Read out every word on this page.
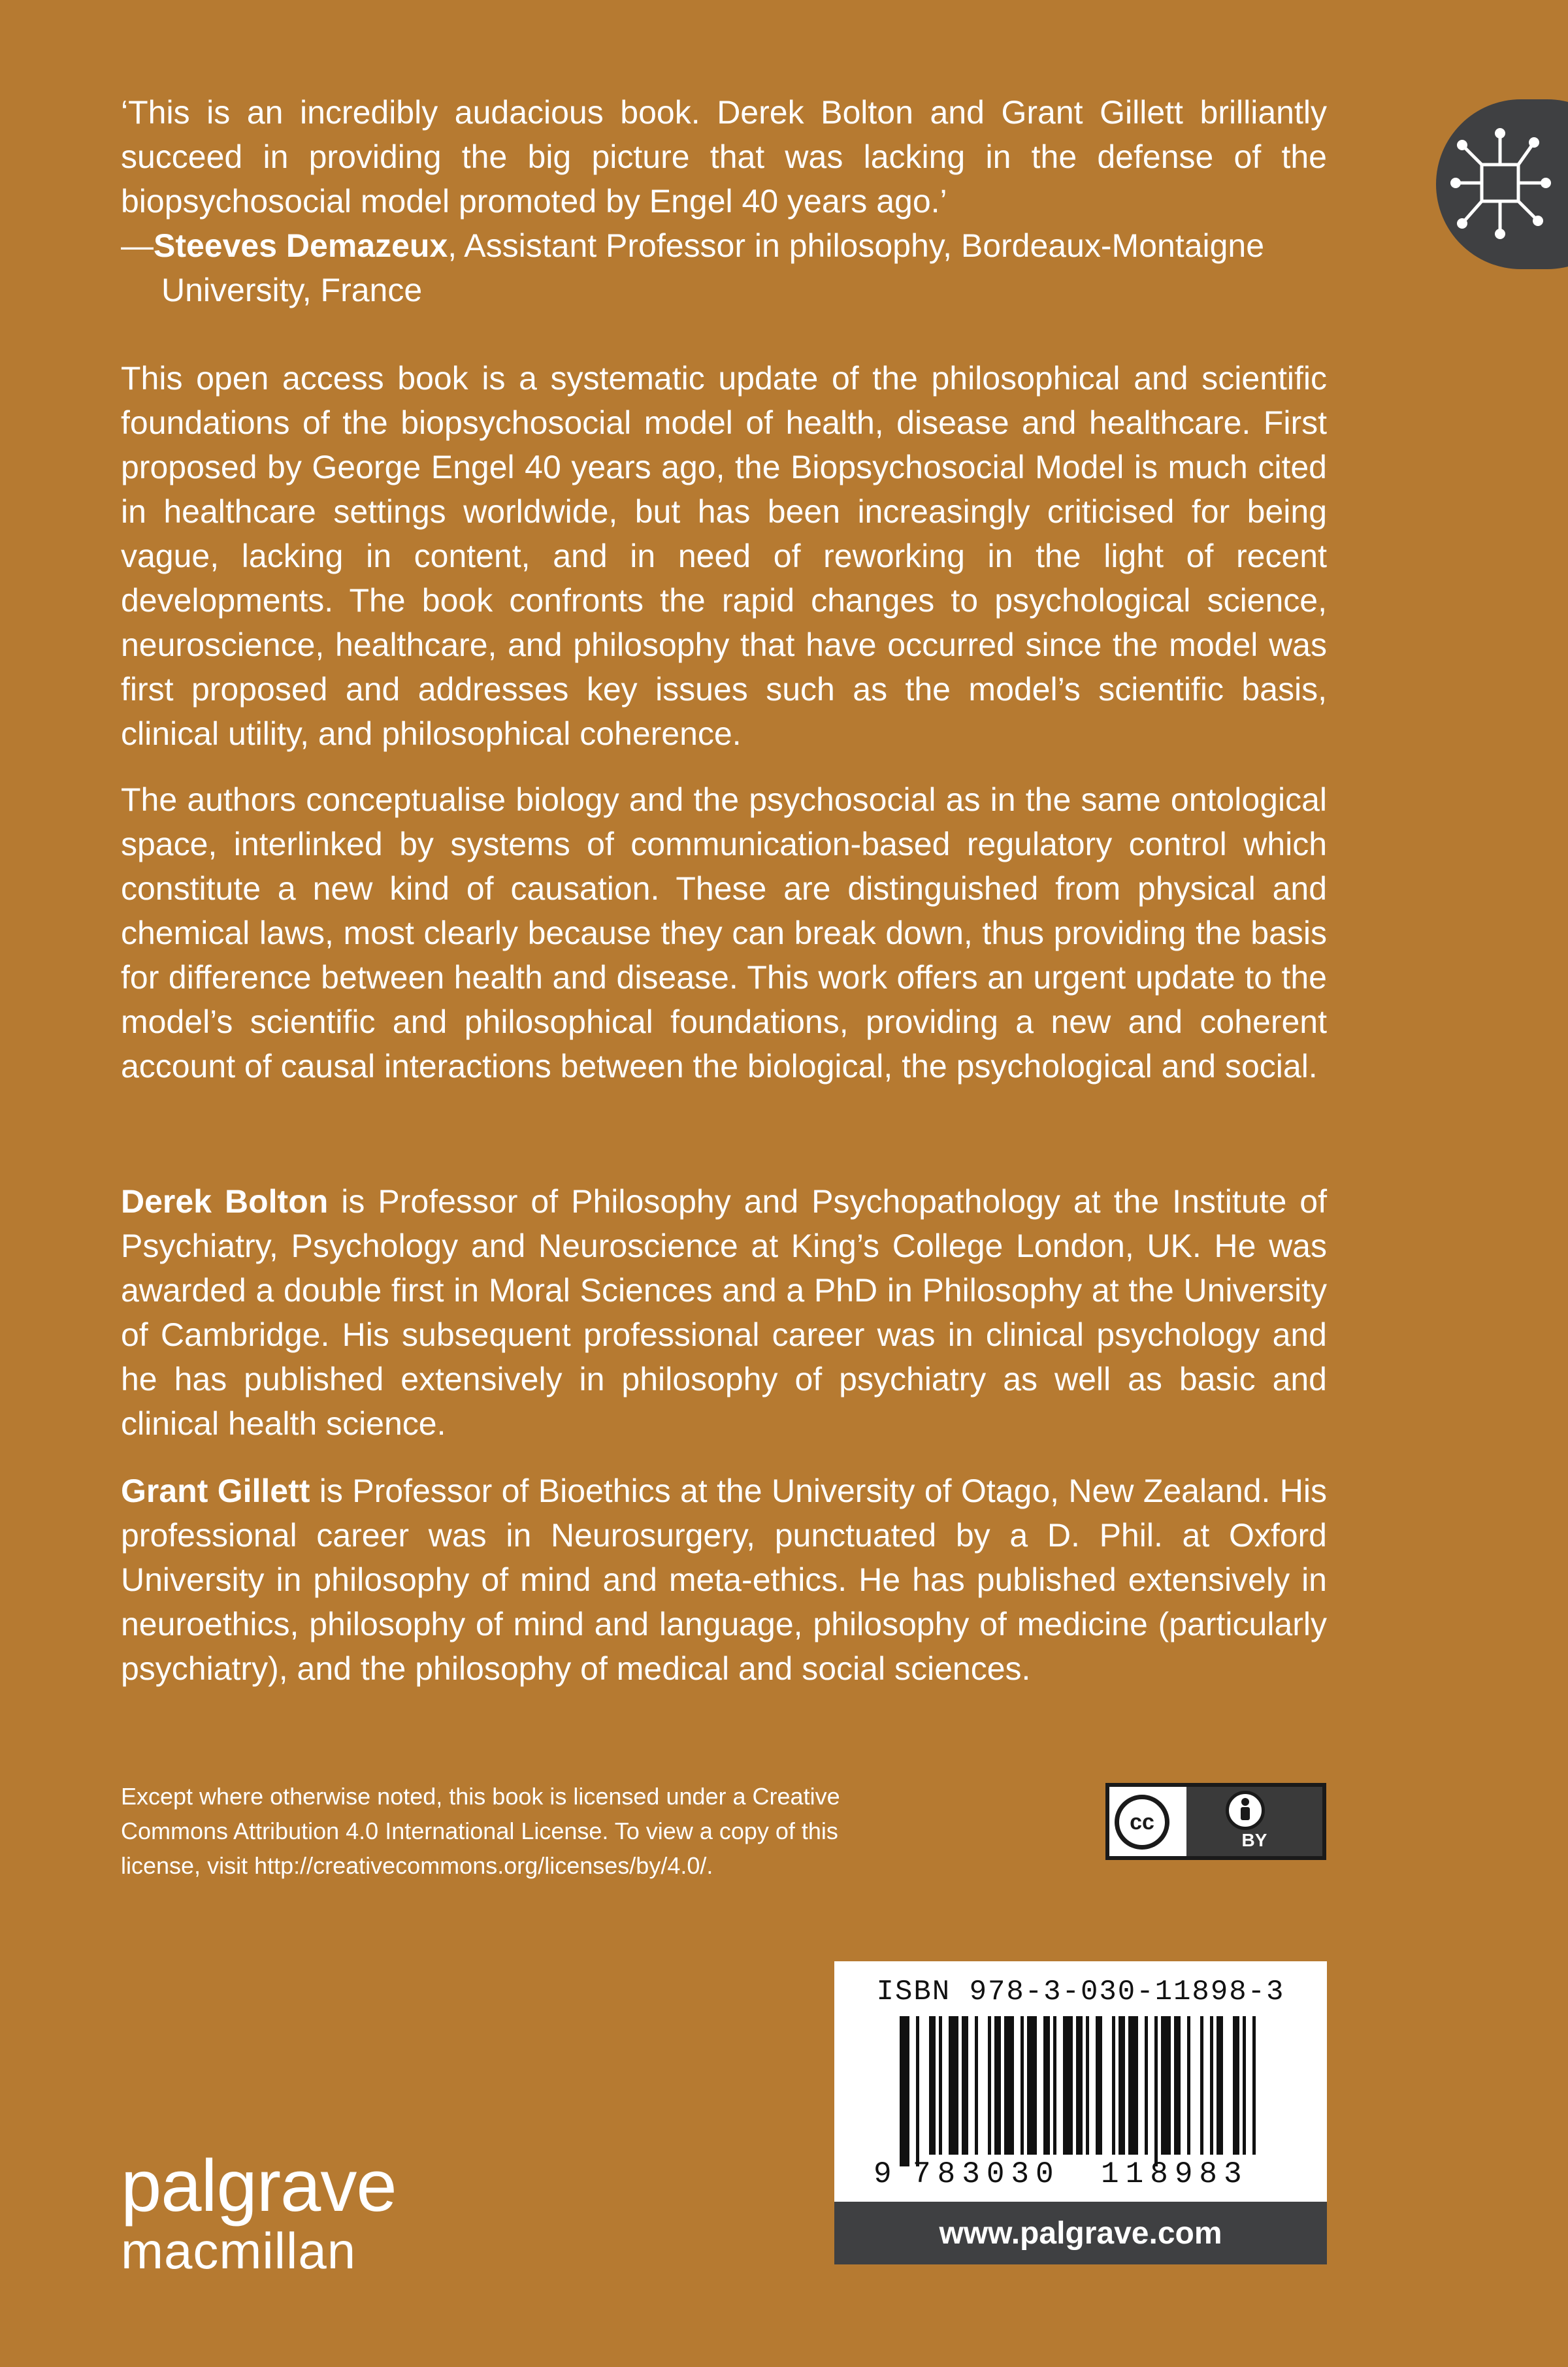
‘This is an incredibly audacious book. Derek Bolton and Grant Gillett brilliantly succeed in providing the big picture that was lacking in the defense of the biopsychosocial model promoted by Engel 40 years ago.’

—Steeves Demazeux, Assistant Professor in philosophy, Bordeaux-Montaigne University, France

This open access book is a systematic update of the philosophical and scientific foundations of the biopsychosocial model of health, disease and healthcare. First proposed by George Engel 40 years ago, the Biopsychosocial Model is much cited in healthcare settings worldwide, but has been increasingly criticised for being vague, lacking in content, and in need of reworking in the light of recent developments. The book confronts the rapid changes to psychological science, neuroscience, healthcare, and philosophy that have occurred since the model was first proposed and addresses key issues such as the model’s scientific basis, clinical utility, and philosophical coherence.

The authors conceptualise biology and the psychosocial as in the same ontological space, interlinked by systems of communication-based regulatory control which constitute a new kind of causation. These are distinguished from physical and chemical laws, most clearly because they can break down, thus providing the basis for difference between health and disease. This work offers an urgent update to the model’s scientific and philosophical foundations, providing a new and coherent account of causal interactions between the biological, the psychological and social.

Derek Bolton is Professor of Philosophy and Psychopathology at the Institute of Psychiatry, Psychology and Neuroscience at King’s College London, UK. He was awarded a double first in Moral Sciences and a PhD in Philosophy at the University of Cambridge. His subsequent professional career was in clinical psychology and he has published extensively in philosophy of psychiatry as well as basic and clinical health science.

Grant Gillett is Professor of Bioethics at the University of Otago, New Zealand. His professional career was in Neurosurgery, punctuated by a D. Phil. at Oxford University in philosophy of mind and meta-ethics. He has published extensively in neuroethics, philosophy of mind and language, philosophy of medicine (particularly psychiatry), and the philosophy of medical and social sciences.

Except where otherwise noted, this book is licensed under a Creative Commons Attribution 4.0 International License. To view a copy of this license, visit http://creativecommons.org/licenses/by/4.0/.
cc
BY
ISBN 978-3-030-11898-3
9 783030 118983
www.palgrave.com
palgrave
macmillan
